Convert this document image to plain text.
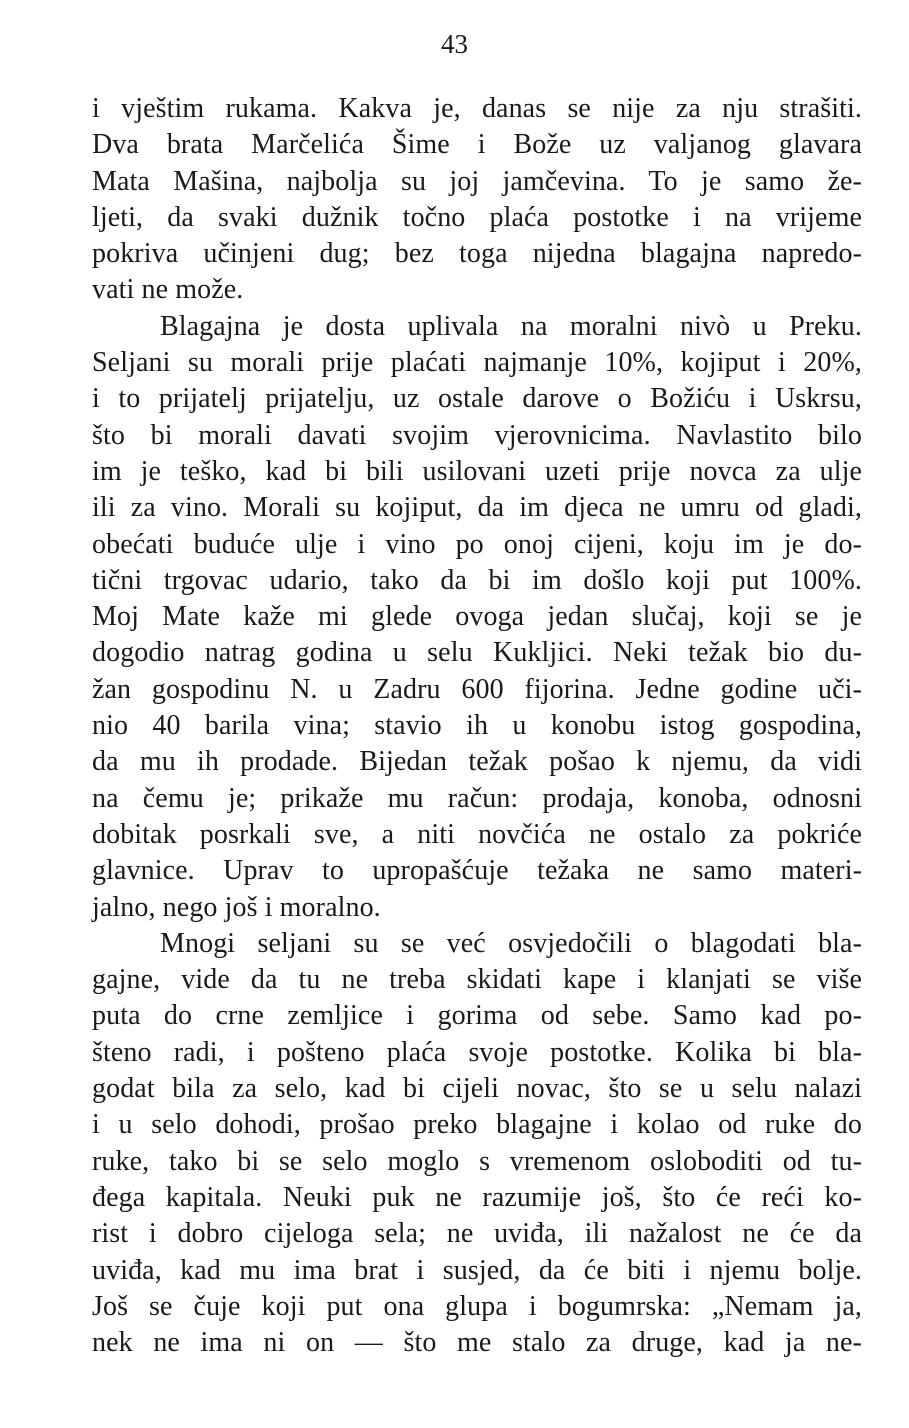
43
i vještim rukama. Kakva je, danas se nije za nju strašiti.
Dva brata Marčelića Šime i Bože uz valjanog glavara
Mata Mašina, najbolja su joj jamčevina. To je samo že-
ljeti, da svaki dužnik točno plaća postotke i na vrijeme
pokriva učinjeni dug; bez toga nijedna blagajna napredo-
vati ne može.
Blagajna je dosta uplivala na moralni nivò u Preku.
Seljani su morali prije plaćati najmanje 10%, kojiput i 20%,
i to prijatelj prijatelju, uz ostale darove o Božiću i Uskrsu,
što bi morali davati svojim vjerovnicima. Navlastito bilo
im je teško, kad bi bili usilovani uzeti prije novca za ulje
ili za vino. Morali su kojiput, da im djeca ne umru od gladi,
obećati buduće ulje i vino po onoj cijeni, koju im je do-
tični trgovac udario, tako da bi im došlo koji put 100%.
Moj Mate kaže mi glede ovoga jedan slučaj, koji se je
dogodio natrag godina u selu Kukljici. Neki težak bio du-
žan gospodinu N. u Zadru 600 fijorina. Jedne godine uči-
nio 40 barila vina; stavio ih u konobu istog gospodina,
da mu ih prodade. Bijedan težak pošao k njemu, da vidi
na čemu je; prikaže mu račun: prodaja, konoba, odnosni
dobitak posrkali sve, a niti novčića ne ostalo za pokriće
glavnice. Uprav to upropašćuje težaka ne samo materi-
jalno, nego još i moralno.
Mnogi seljani su se već osvjedočili o blagodati bla-
gajne, vide da tu ne treba skidati kape i klanjati se više
puta do crne zemljice i gorima od sebe. Samo kad po-
šteno radi, i pošteno plaća svoje postotke. Kolika bi bla-
godat bila za selo, kad bi cijeli novac, što se u selu nalazi
i u selo dohodi, prošao preko blagajne i kolao od ruke do
ruke, tako bi se selo moglo s vremenom osloboditi od tu-
đega kapitala. Neuki puk ne razumije još, što će reći ko-
rist i dobro cijeloga sela; ne uviđa, ili nažalost ne će da
uviđa, kad mu ima brat i susjed, da će biti i njemu bolje.
Još se čuje koji put ona glupa i bogumrska: „Nemam ja,
nek ne ima ni on — što me stalo za druge, kad ja ne-
